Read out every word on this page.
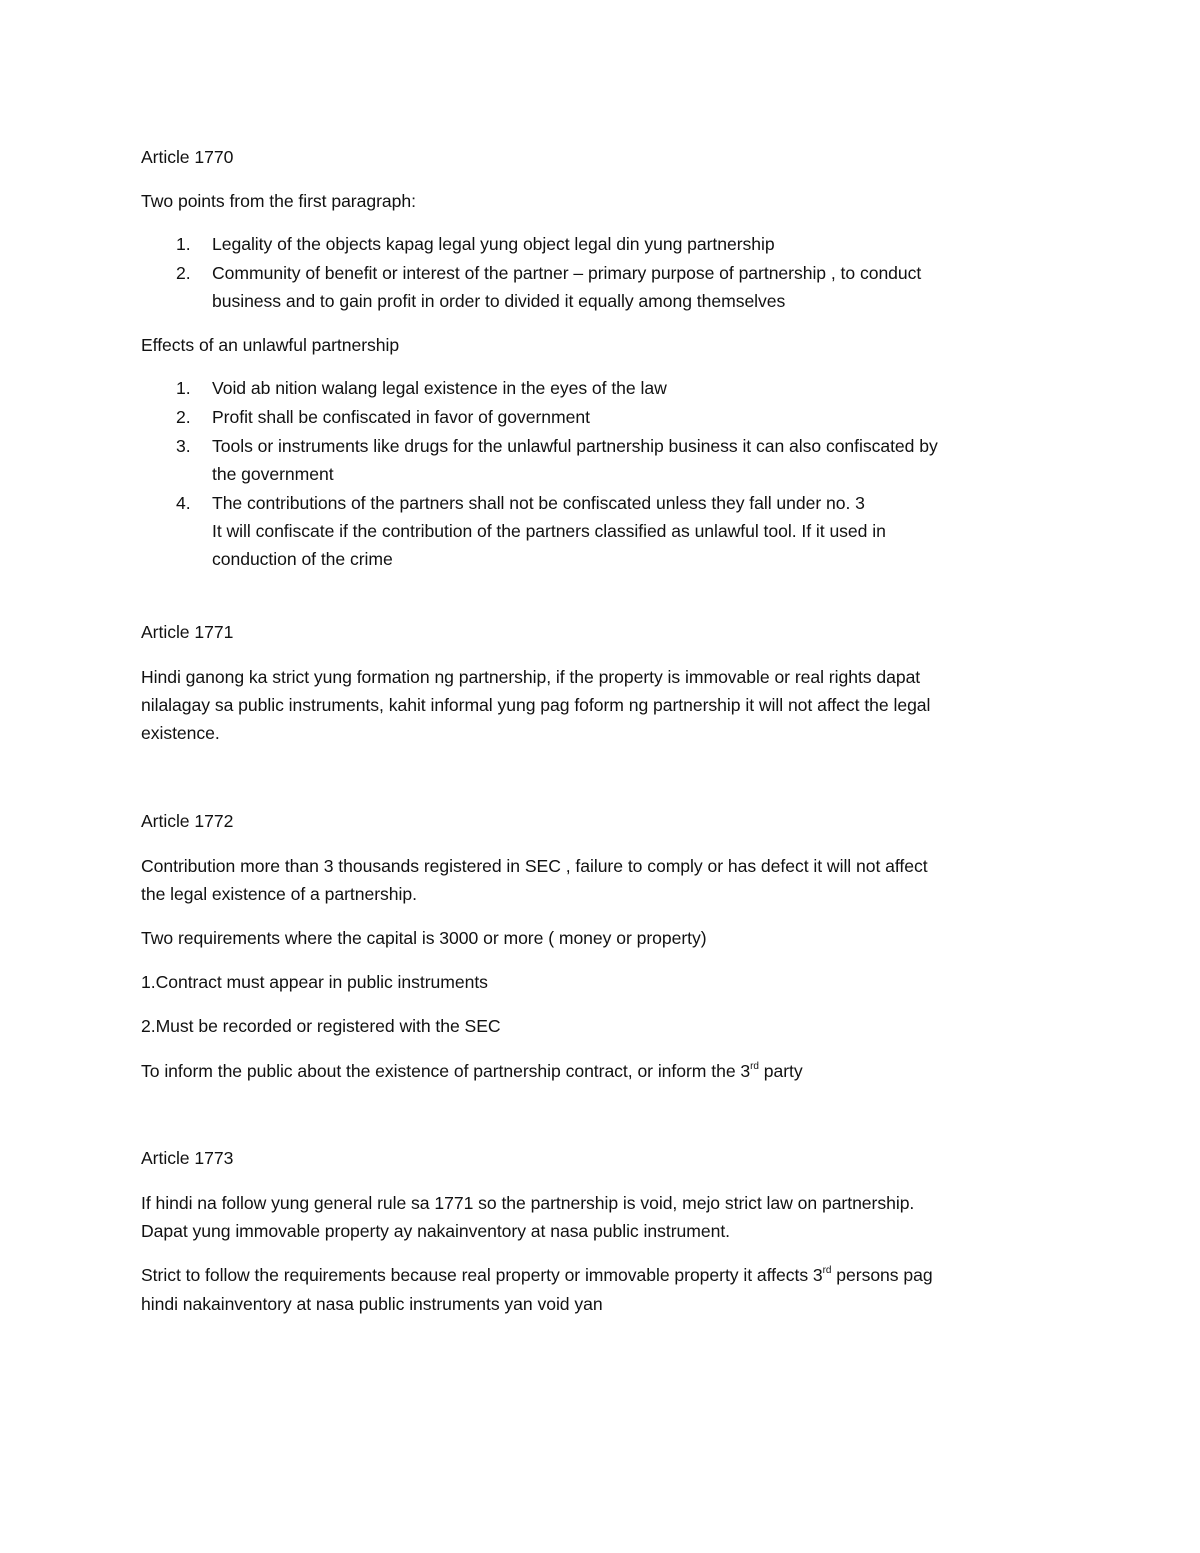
Article 1770
Two points from the first paragraph:
1. Legality of the objects kapag legal yung object legal din yung partnership
2. Community of benefit or interest of the partner – primary purpose of partnership , to conduct
business and to gain profit in order to divided it equally among themselves
Effects of an unlawful partnership
1. Void ab nition walang legal existence in the eyes of the law
2. Profit shall be confiscated in favor of government
3. Tools or instruments like drugs for the unlawful partnership business it can also confiscated by
the government
4. The contributions of the partners shall not be confiscated unless they fall under no. 3
It will confiscate if the contribution of the partners classified as unlawful tool. If it used in
conduction of the crime
Article 1771
Hindi ganong ka strict yung formation ng partnership, if the property is immovable or real rights dapat
nilalagay sa public instruments, kahit informal yung pag foform ng partnership it will not affect the legal
existence.
Article 1772
Contribution more than 3 thousands registered in SEC , failure to comply or has defect it will not affect
the legal existence of a partnership.
Two requirements where the capital is 3000 or more ( money or property)
1.Contract must appear in public instruments
2.Must be recorded or registered with the SEC
To inform the public about the existence of partnership contract, or inform the 3rd party
Article 1773
If hindi na follow yung general rule sa 1771 so the partnership is void, mejo strict law on partnership.
Dapat yung immovable property ay nakainventory at nasa public instrument.
Strict to follow the requirements because real property or immovable property it affects 3rd persons pag
hindi nakainventory at nasa public instruments yan void yan
